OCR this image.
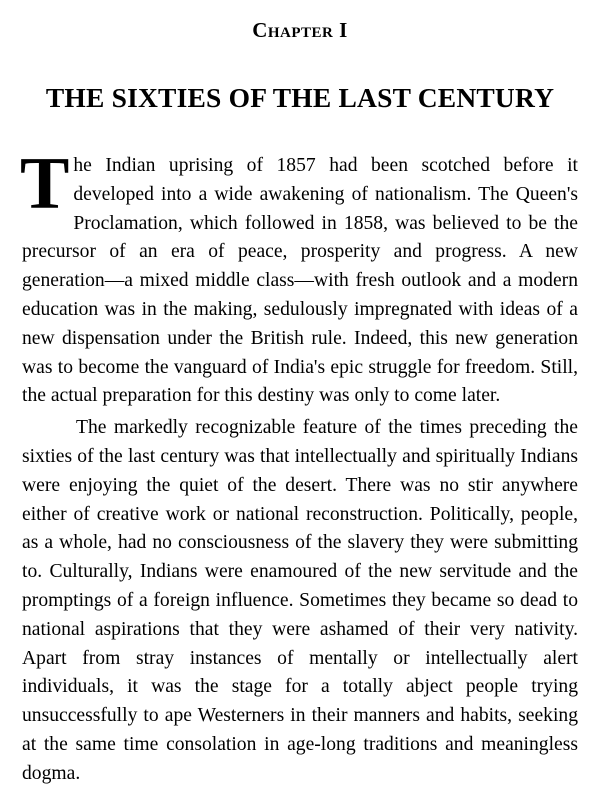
Chapter I
THE SIXTIES OF THE LAST CENTURY

The Indian uprising of 1857 had been scotched before it developed into a wide awakening of nationalism. The Queen's Proclamation, which followed in 1858, was believed to be the precursor of an era of peace, prosperity and progress. A new generation—a mixed middle class—with fresh outlook and a modern education was in the making, sedulously impregnated with ideas of a new dispensation under the British rule. Indeed, this new generation was to become the vanguard of India's epic struggle for freedom. Still, the actual preparation for this destiny was only to come later.

The markedly recognizable feature of the times preceding the sixties of the last century was that intellectually and spiritually Indians were enjoying the quiet of the desert. There was no stir anywhere either of creative work or national reconstruction. Politically, people, as a whole, had no consciousness of the slavery they were submitting to. Culturally, Indians were enamoured of the new servitude and the promptings of a foreign influence. Sometimes they became so dead to national aspirations that they were ashamed of their very nativity. Apart from stray instances of mentally or intellectually alert individuals, it was the stage for a totally abject people trying unsuccessfully to ape Westerners in their manners and habits, seeking at the same time consolation in age-long traditions and meaningless dogma.
